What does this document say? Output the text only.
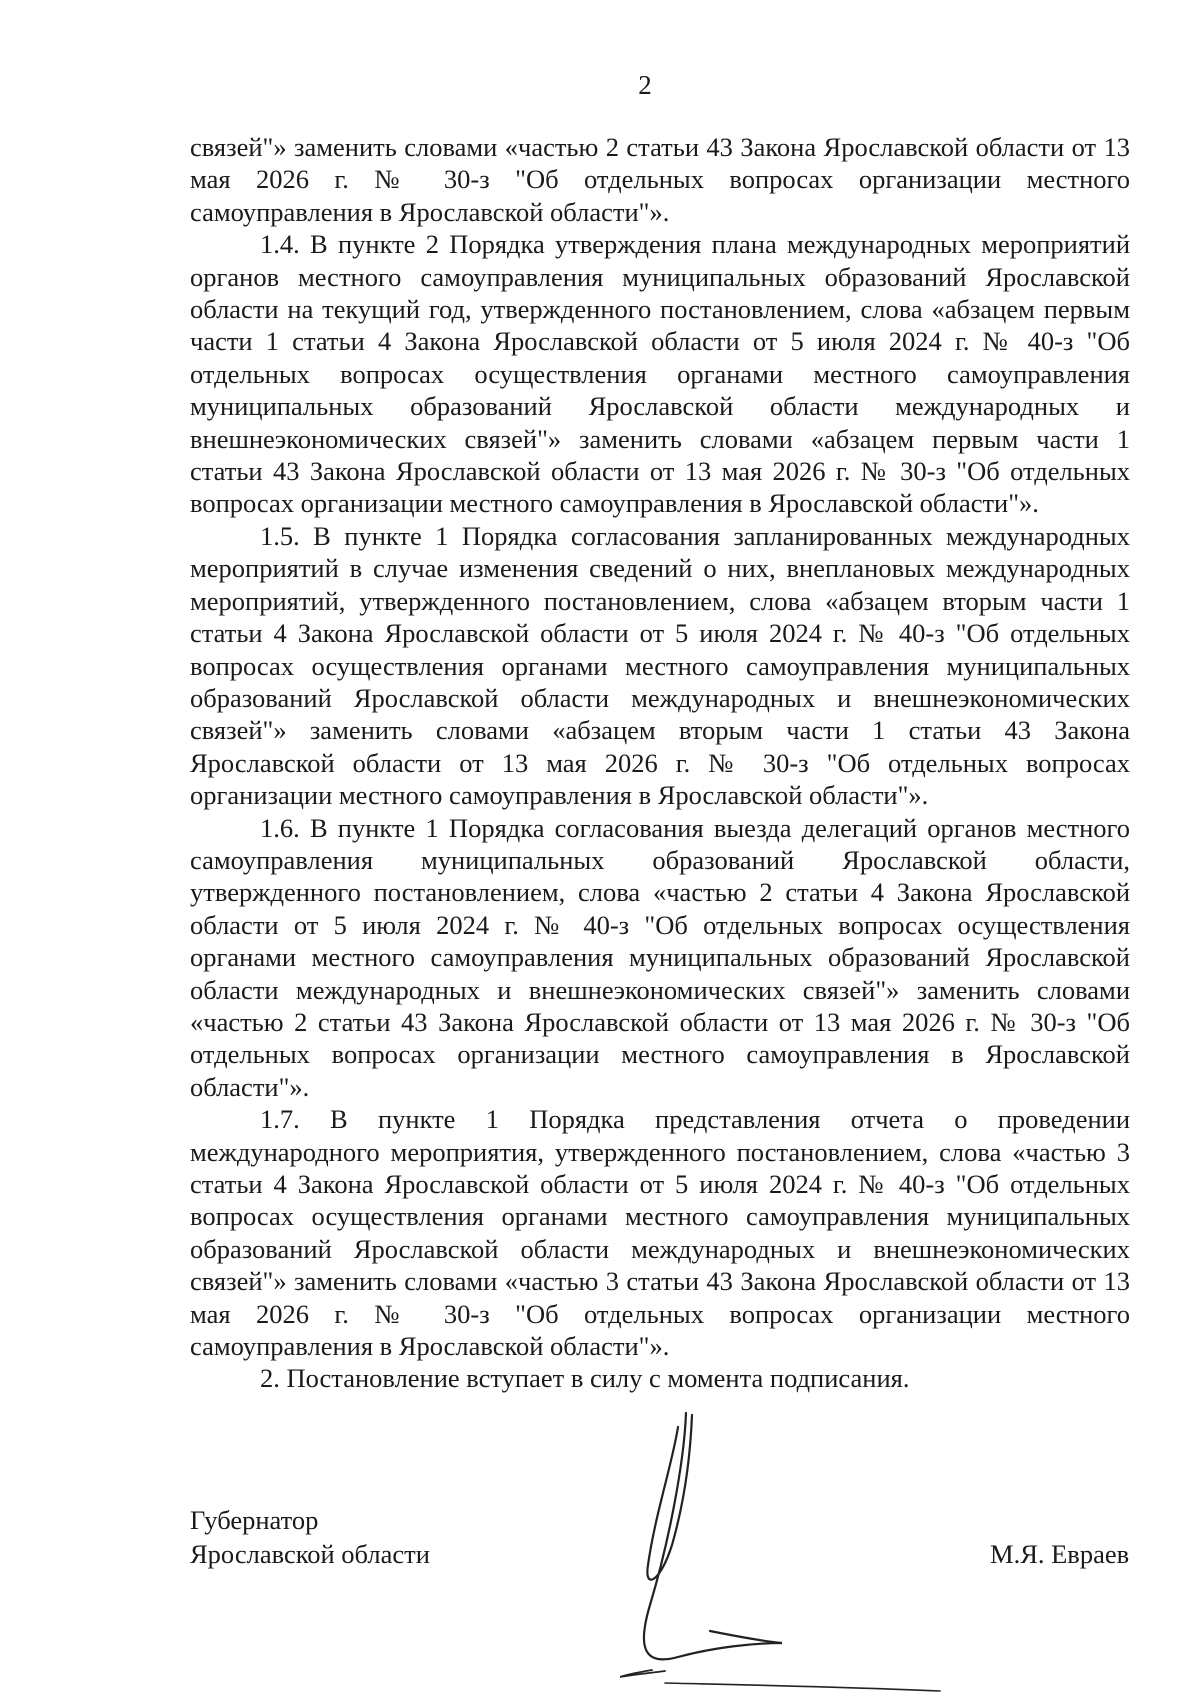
2

связей"» заменить словами «частью 2 статьи 43 Закона Ярославской области от 13 мая 2026 г. № 30-з "Об отдельных вопросах организации местного самоуправления в Ярославской области"».

1.4. В пункте 2 Порядка утверждения плана международных мероприятий органов местного самоуправления муниципальных образований Ярославской области на текущий год, утвержденного постановлением, слова «абзацем первым части 1 статьи 4 Закона Ярославской области от 5 июля 2024 г. № 40-з "Об отдельных вопросах осуществления органами местного самоуправления муниципальных образований Ярославской области международных и внешнеэкономических связей"» заменить словами «абзацем первым части 1 статьи 43 Закона Ярославской области от 13 мая 2026 г. № 30-з "Об отдельных вопросах организации местного самоуправления в Ярославской области"».

1.5. В пункте 1 Порядка согласования запланированных международных мероприятий в случае изменения сведений о них, внеплановых международных мероприятий, утвержденного постановлением, слова «абзацем вторым части 1 статьи 4 Закона Ярославской области от 5 июля 2024 г. № 40-з "Об отдельных вопросах осуществления органами местного самоуправления муниципальных образований Ярославской области международных и внешнеэкономических связей"» заменить словами «абзацем вторым части 1 статьи 43 Закона Ярославской области от 13 мая 2026 г. № 30-з "Об отдельных вопросах организации местного самоуправления в Ярославской области"».

1.6. В пункте 1 Порядка согласования выезда делегаций органов местного самоуправления муниципальных образований Ярославской области, утвержденного постановлением, слова «частью 2 статьи 4 Закона Ярославской области от 5 июля 2024 г. № 40-з "Об отдельных вопросах осуществления органами местного самоуправления муниципальных образований Ярославской области международных и внешнеэкономических связей"» заменить словами «частью 2 статьи 43 Закона Ярославской области от 13 мая 2026 г. № 30-з "Об отдельных вопросах организации местного самоуправления в Ярославской области"».

1.7. В пункте 1 Порядка представления отчета о проведении международного мероприятия, утвержденного постановлением, слова «частью 3 статьи 4 Закона Ярославской области от 5 июля 2024 г. № 40-з "Об отдельных вопросах осуществления органами местного самоуправления муниципальных образований Ярославской области международных и внешнеэкономических связей"» заменить словами «частью 3 статьи 43 Закона Ярославской области от 13 мая 2026 г. № 30-з "Об отдельных вопросах организации местного самоуправления в Ярославской области"».

2. Постановление вступает в силу с момента подписания.

Губернатор
Ярославской области	М.Я. Евраев
